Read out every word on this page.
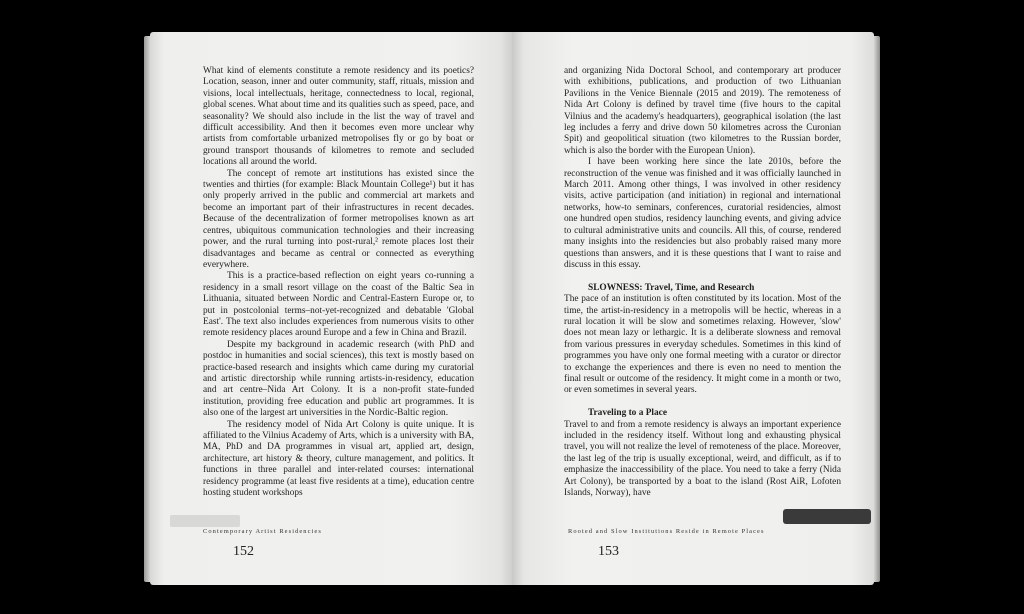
What kind of elements constitute a remote residency and its poetics? Location, season, inner and outer community, staff, rituals, mission and visions, local intellectuals, heritage, connectedness to local, regional, global scenes. What about time and its qualities such as speed, pace, and seasonality? We should also include in the list the way of travel and difficult accessibility. And then it becomes even more unclear why artists from comfortable urbanized metropolises fly or go by boat or ground transport thousands of kilometres to remote and secluded locations all around the world.

The concept of remote art institutions has existed since the twenties and thirties (for example: Black Mountain College¹) but it has only properly arrived in the public and commercial art markets and become an important part of their infrastructures in recent decades. Because of the decentralization of former metropolises known as art centres, ubiquitous communication technologies and their increasing power, and the rural turning into post-rural,² remote places lost their disadvantages and became as central or connected as everything everywhere.

This is a practice-based reflection on eight years co-running a residency in a small resort village on the coast of the Baltic Sea in Lithuania, situated between Nordic and Central-Eastern Europe or, to put in postcolonial terms–not-yet-recognized and debatable 'Global East'. The text also includes experiences from numerous visits to other remote residency places around Europe and a few in China and Brazil.

Despite my background in academic research (with PhD and postdoc in humanities and social sciences), this text is mostly based on practice-based research and insights which came during my curatorial and artistic directorship while running artists-in-residency, education and art centre–Nida Art Colony. It is a non-profit state-funded institution, providing free education and public art programmes. It is also one of the largest art universities in the Nordic-Baltic region.

The residency model of Nida Art Colony is quite unique. It is affiliated to the Vilnius Academy of Arts, which is a university with BA, MA, PhD and DA programmes in visual art, applied art, design, architecture, art history & theory, culture management, and politics. It functions in three parallel and inter-related courses: international residency programme (at least five residents at a time), education centre hosting student workshops

Contemporary Artist Residencies
152

and organizing Nida Doctoral School, and contemporary art producer with exhibitions, publications, and production of two Lithuanian Pavilions in the Venice Biennale (2015 and 2019). The remoteness of Nida Art Colony is defined by travel time (five hours to the capital Vilnius and the academy's headquarters), geographical isolation (the last leg includes a ferry and drive down 50 kilometres across the Curonian Spit) and geopolitical situation (two kilometres to the Russian border, which is also the border with the European Union).

I have been working here since the late 2010s, before the reconstruction of the venue was finished and it was officially launched in March 2011. Among other things, I was involved in other residency visits, active participation (and initiation) in regional and international networks, how-to seminars, conferences, curatorial residencies, almost one hundred open studios, residency launching events, and giving advice to cultural administrative units and councils. All this, of course, rendered many insights into the residencies but also probably raised many more questions than answers, and it is these questions that I want to raise and discuss in this essay.

SLOWNESS: Travel, Time, and Research

The pace of an institution is often constituted by its location. Most of the time, the artist-in-residency in a metropolis will be hectic, whereas in a rural location it will be slow and sometimes relaxing. However, 'slow' does not mean lazy or lethargic. It is a deliberate slowness and removal from various pressures in everyday schedules. Sometimes in this kind of programmes you have only one formal meeting with a curator or director to exchange the experiences and there is even no need to mention the final result or outcome of the residency. It might come in a month or two, or even sometimes in several years.

Traveling to a Place

Travel to and from a remote residency is always an important experience included in the residency itself. Without long and exhausting physical travel, you will not realize the level of remoteness of the place. Moreover, the last leg of the trip is usually exceptional, weird, and difficult, as if to emphasize the inaccessibility of the place. You need to take a ferry (Nida Art Colony), be transported by a boat to the island (Rost AiR, Lofoten Islands, Norway), have

Rooted and Slow Institutions Reside in Remote Places
153
